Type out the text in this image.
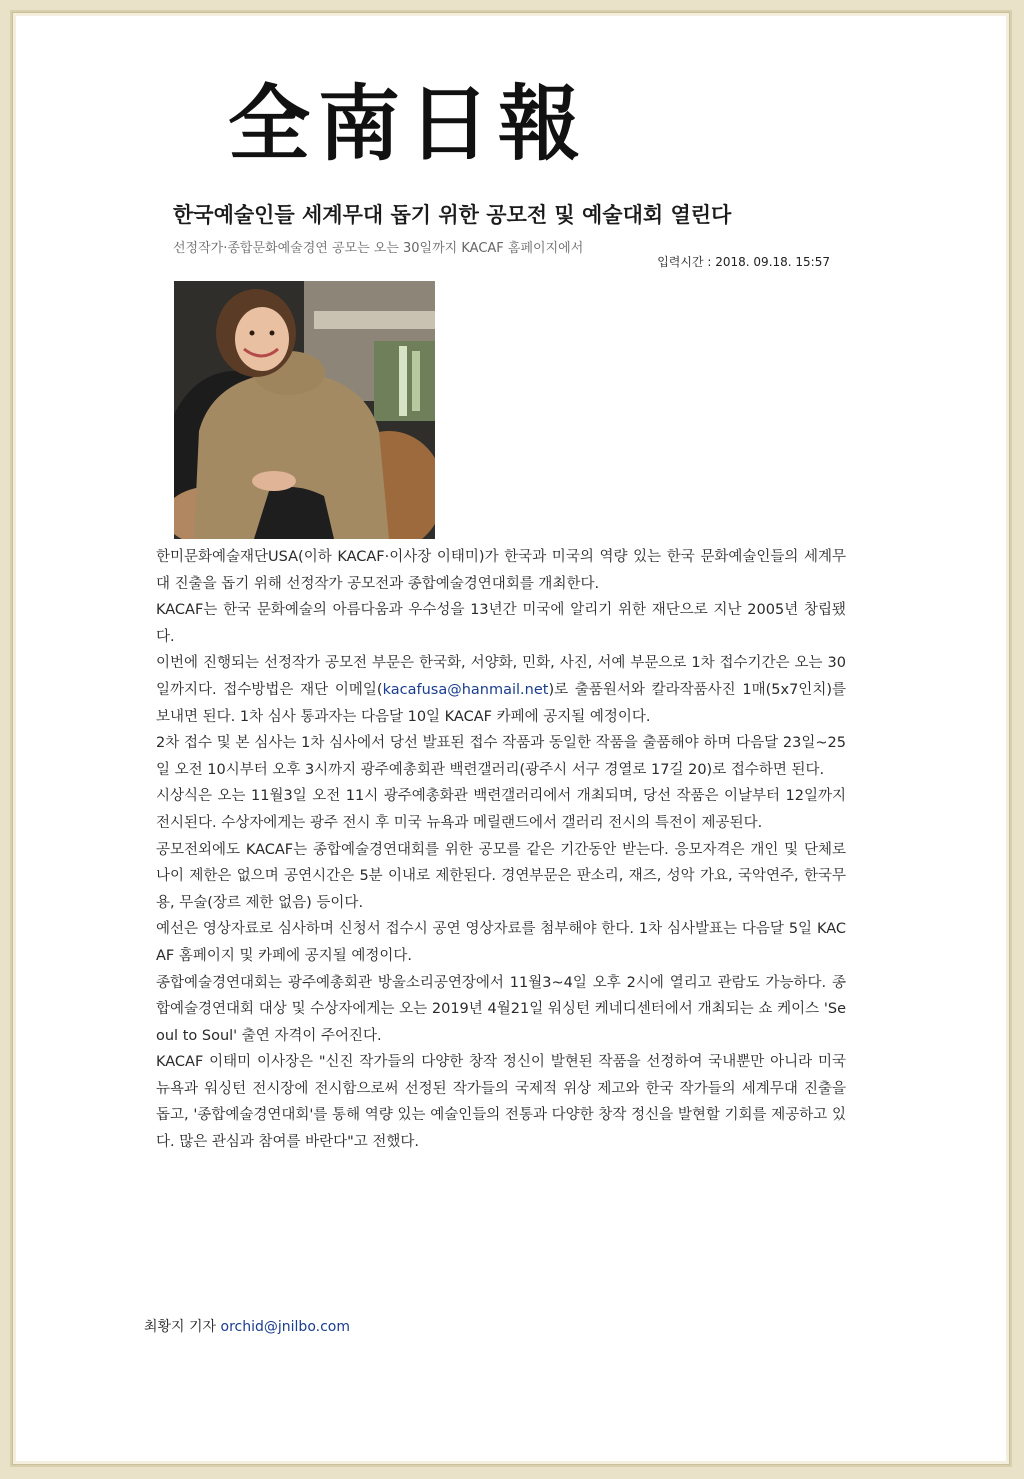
全南日報
한국예술인들 세계무대 돕기 위한 공모전 및 예술대회 열린다
선정작가·종합문화예술경연 공모는 오는 30일까지 KACAF 홈페이지에서
입력시간 : 2018. 09.18. 15:57

한미문화예술재단USA(이하 KACAF·이사장 이태미)가 한국과 미국의 역량 있는 한국 문화예술인들의 세계무대 진출을 돕기 위해 선정작가 공모전과 종합예술경연대회를 개최한다.

KACAF는 한국 문화예술의 아름다움과 우수성을 13년간 미국에 알리기 위한 재단으로 지난 2005년 창립됐다.

이번에 진행되는 선정작가 공모전 부문은 한국화, 서양화, 민화, 사진, 서예 부문으로 1차 접수기간은 오는 30일까지다. 접수방법은 재단 이메일(kacafusa@hanmail.net)로 출품원서와 칼라작품사진 1매(5x7인치)를 보내면 된다. 1차 심사 통과자는 다음달 10일 KACAF 카페에 공지될 예정이다.

2차 접수 및 본 심사는 1차 심사에서 당선 발표된 접수 작품과 동일한 작품을 출품해야 하며 다음달 23일~25일 오전 10시부터 오후 3시까지 광주예총회관 백련갤러리(광주시 서구 경열로 17길 20)로 접수하면 된다.

시상식은 오는 11월3일 오전 11시 광주예총화관 백련갤러리에서 개최되며, 당선 작품은 이날부터 12일까지 전시된다. 수상자에게는 광주 전시 후 미국 뉴욕과 메릴랜드에서 갤러리 전시의 특전이 제공된다.

공모전외에도 KACAF는 종합예술경연대회를 위한 공모를 같은 기간동안 받는다. 응모자격은 개인 및 단체로 나이 제한은 없으며 공연시간은 5분 이내로 제한된다. 경연부문은 판소리, 재즈, 성악 가요, 국악연주, 한국무용, 무술(장르 제한 없음) 등이다.

예선은 영상자료로 심사하며 신청서 접수시 공연 영상자료를 첨부해야 한다. 1차 심사발표는 다음달 5일 KACAF 홈페이지 및 카페에 공지될 예정이다.

종합예술경연대회는 광주예총회관 방울소리공연장에서 11월3~4일 오후 2시에 열리고 관람도 가능하다. 종합예술경연대회 대상 및 수상자에게는 오는 2019년 4월21일 워싱턴 케네디센터에서 개최되는 쇼 케이스 'Seoul to Soul' 출연 자격이 주어진다.

KACAF 이태미 이사장은 "신진 작가들의 다양한 창작 정신이 발현된 작품을 선정하여 국내뿐만 아니라 미국 뉴욕과 워싱턴 전시장에 전시함으로써 선정된 작가들의 국제적 위상 제고와 한국 작가들의 세계무대 진출을 돕고, '종합예술경연대회'를 통해 역량 있는 예술인들의 전통과 다양한 창작 정신을 발현할 기회를 제공하고 있다. 많은 관심과 참여를 바란다"고 전했다.

최황지 기자 orchid@jnilbo.com
